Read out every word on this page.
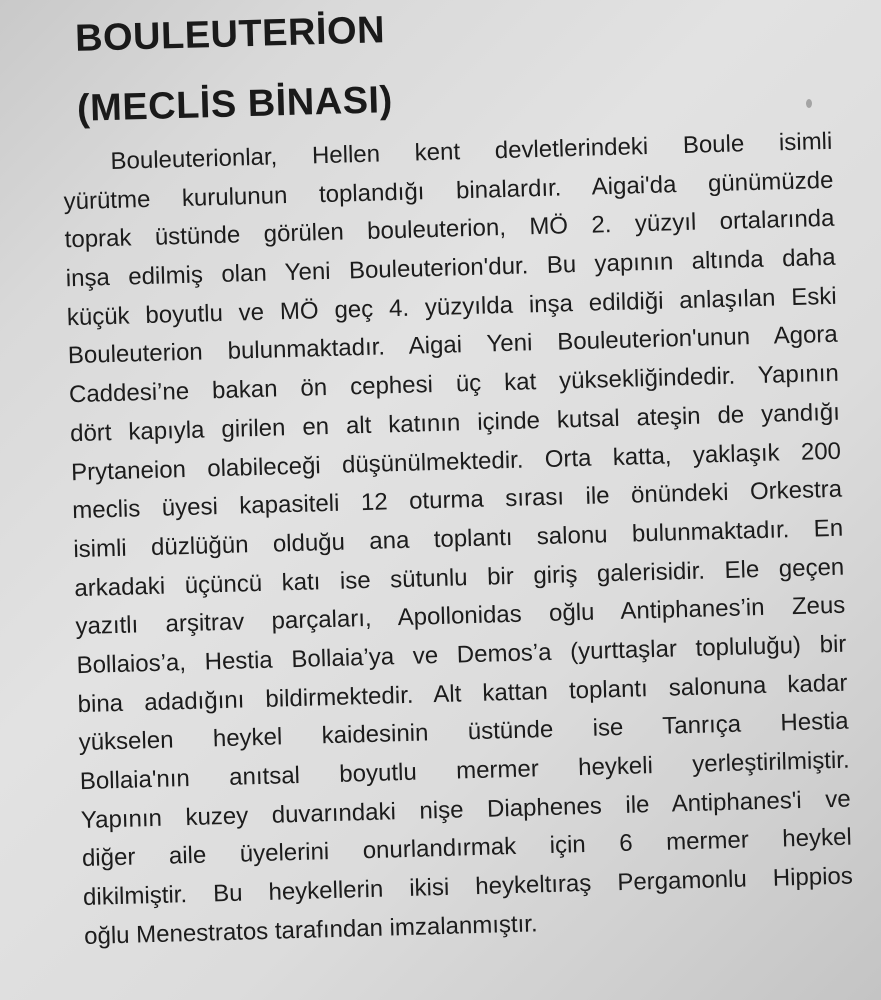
BOULEUTERİON
(MECLİS BİNASI)
Bouleuterionlar, Hellen kent devletlerindeki Boule isimli
yürütme kurulunun toplandığı binalardır. Aigai'da günümüzde
toprak üstünde görülen bouleuterion, MÖ 2. yüzyıl ortalarında
inşa edilmiş olan Yeni Bouleuterion'dur. Bu yapının altında daha
küçük boyutlu ve MÖ geç 4. yüzyılda inşa edildiği anlaşılan Eski
Bouleuterion bulunmaktadır. Aigai Yeni Bouleuterion'unun Agora
Caddesi’ne bakan ön cephesi üç kat yüksekliğindedir. Yapının
dört kapıyla girilen en alt katının içinde kutsal ateşin de yandığı
Prytaneion olabileceği düşünülmektedir. Orta katta, yaklaşık 200
meclis üyesi kapasiteli 12 oturma sırası ile önündeki Orkestra
isimli düzlüğün olduğu ana toplantı salonu bulunmaktadır. En
arkadaki üçüncü katı ise sütunlu bir giriş galerisidir. Ele geçen
yazıtlı arşitrav parçaları, Apollonidas oğlu Antiphanes’in Zeus
Bollaios’a, Hestia Bollaia’ya ve Demos’a (yurttaşlar topluluğu) bir
bina adadığını bildirmektedir. Alt kattan toplantı salonuna kadar
yükselen heykel kaidesinin üstünde ise Tanrıça Hestia
Bollaia'nın anıtsal boyutlu mermer heykeli yerleştirilmiştir.
Yapının kuzey duvarındaki nişe Diaphenes ile Antiphanes'i ve
diğer aile üyelerini onurlandırmak için 6 mermer heykel
dikilmiştir. Bu heykellerin ikisi heykeltıraş Pergamonlu Hippios
oğlu Menestratos tarafından imzalanmıştır.
